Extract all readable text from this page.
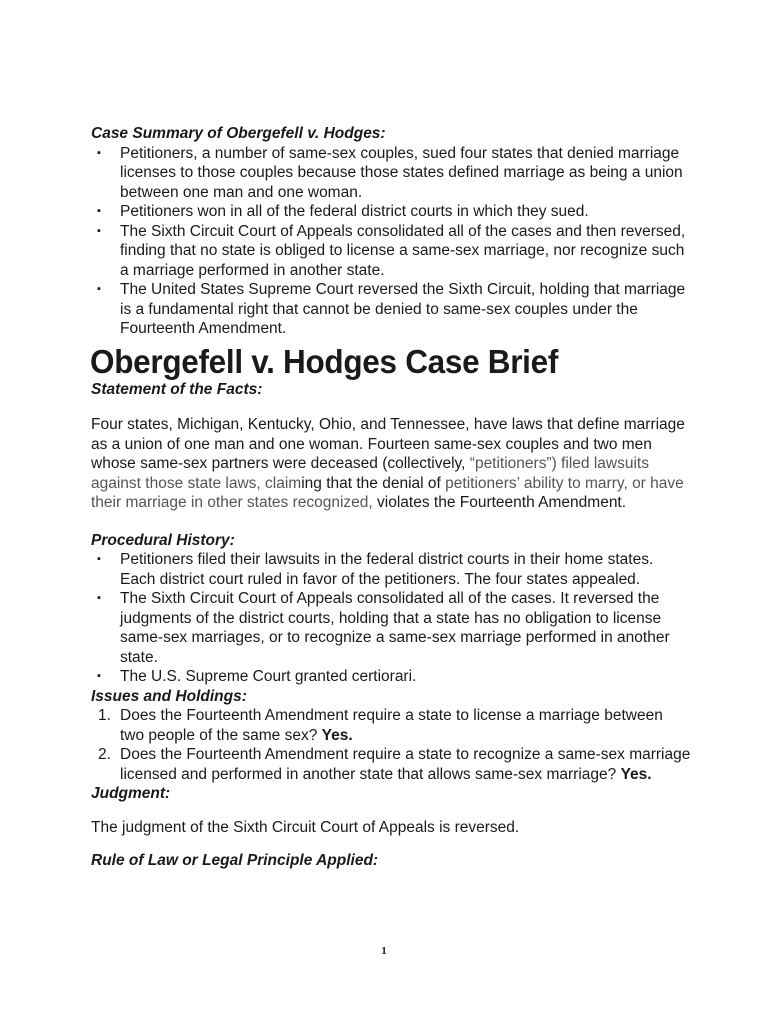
Case Summary of Obergefell v. Hodges:

▪ Petitioners, a number of same-sex couples, sued four states that denied marriage licenses to those couples because those states defined marriage as being a union between one man and one woman.
▪ Petitioners won in all of the federal district courts in which they sued.
▪ The Sixth Circuit Court of Appeals consolidated all of the cases and then reversed, finding that no state is obliged to license a same-sex marriage, nor recognize such a marriage performed in another state.
▪ The United States Supreme Court reversed the Sixth Circuit, holding that marriage is a fundamental right that cannot be denied to same-sex couples under the Fourteenth Amendment.
Obergefell v. Hodges Case Brief

Statement of the Facts:

Four states, Michigan, Kentucky, Ohio, and Tennessee, have laws that define marriage as a union of one man and one woman. Fourteen same-sex couples and two men whose same-sex partners were deceased (collectively, “petitioners”) filed lawsuits against those state laws, claiming that the denial of petitioners’ ability to marry, or have their marriage in other states recognized, violates the Fourteenth Amendment.

Procedural History:

▪ Petitioners filed their lawsuits in the federal district courts in their home states. Each district court ruled in favor of the petitioners. The four states appealed.
▪ The Sixth Circuit Court of Appeals consolidated all of the cases. It reversed the judgments of the district courts, holding that a state has no obligation to license same-sex marriages, or to recognize a same-sex marriage performed in another state.
▪ The U.S. Supreme Court granted certiorari.

Issues and Holdings:

1. Does the Fourteenth Amendment require a state to license a marriage between two people of the same sex? Yes.
2. Does the Fourteenth Amendment require a state to recognize a same-sex marriage licensed and performed in another state that allows same-sex marriage? Yes.

Judgment:

The judgment of the Sixth Circuit Court of Appeals is reversed.

Rule of Law or Legal Principle Applied:

1
